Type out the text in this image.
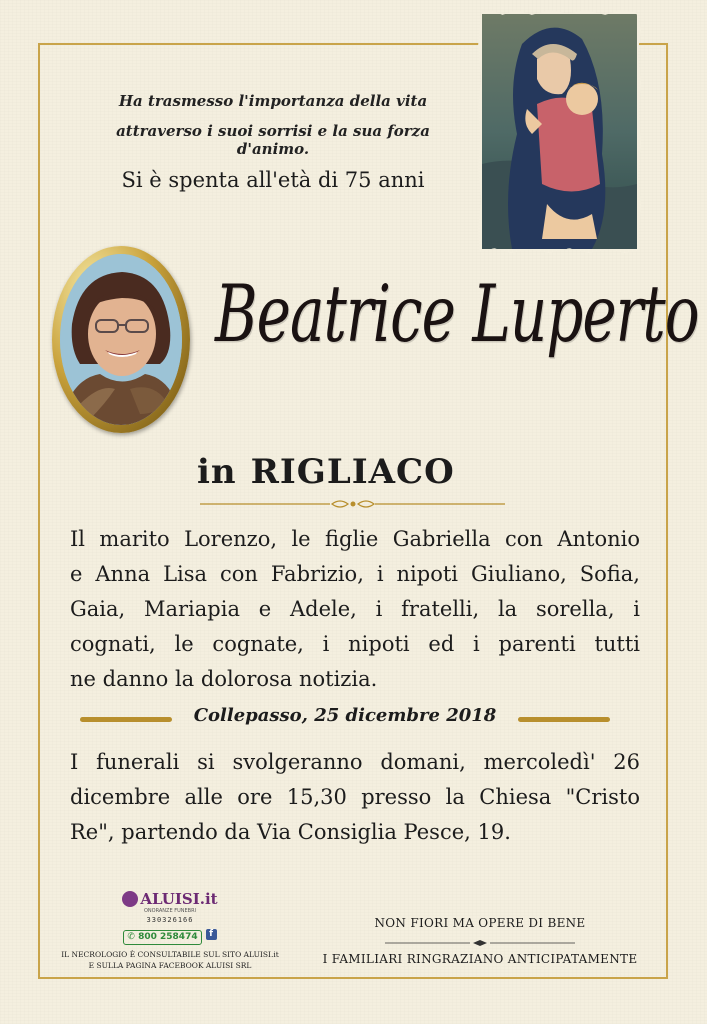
Ha trasmesso l'importanza della vita
attraverso i suoi sorrisi e la sua forza d'animo.
Si è spenta all'età di 75 anni
Beatrice Luperto
in RIGLIACO
Il marito Lorenzo, le figlie Gabriella con Antonio
e Anna Lisa con Fabrizio, i nipoti Giuliano, Sofia,
Gaia, Mariapia e Adele, i fratelli, la sorella, i
cognati, le cognate, i nipoti ed i parenti tutti
ne danno la dolorosa notizia.
Collepasso, 25 dicembre 2018
I funerali si svolgeranno domani, mercoledì' 26
dicembre alle ore 15,30 presso la Chiesa "Cristo
Re", partendo da Via Consiglia Pesce, 19.
ALUISI.it
ONORANZE FUNEBRI
330326166
✆
800 258474 f
IL NECROLOGIO È CONSULTABILE SUL SITO ALUISI.it
E SULLA PAGINA FACEBOOK ALUISI SRL
NON FIORI MA OPERE DI BENE
I FAMILIARI RINGRAZIANO ANTICIPATAMENTE
